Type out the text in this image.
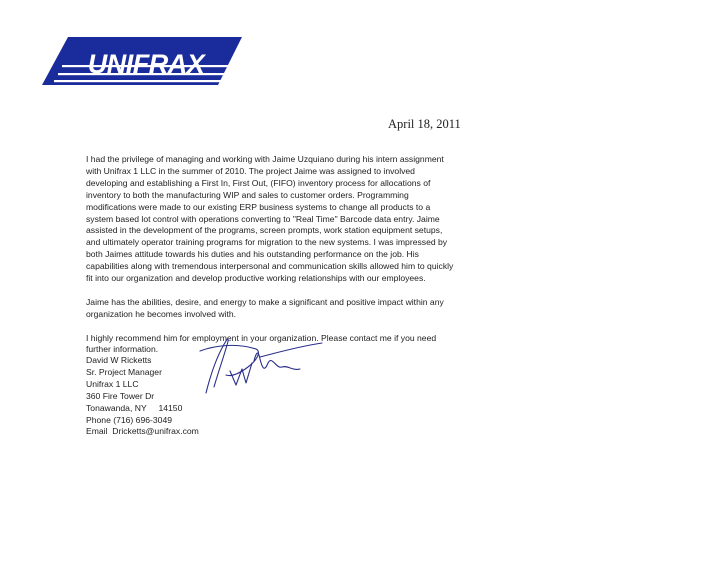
UNIFRAX
April 18, 2011
I had the privilege of managing and working with Jaime Uzquiano during his intern assignment
with Unifrax 1 LLC in the summer of 2010. The project Jaime was assigned to involved
developing and establishing a First In, First Out, (FIFO) inventory process for allocations of
inventory to both the manufacturing WIP and sales to customer orders. Programming
modifications were made to our existing ERP business systems to change all products to a
system based lot control with operations converting to "Real Time" Barcode data entry. Jaime
assisted in the development of the programs, screen prompts, work station equipment setups,
and ultimately operator training programs for migration to the new systems. I was impressed by
both Jaimes attitude towards his duties and his outstanding performance on the job. His
capabilities along with tremendous interpersonal and communication skills allowed him to quickly
fit into our organization and develop productive working relationships with our employees.
Jaime has the abilities, desire, and energy to make a significant and positive impact within any
organization he becomes involved with.
I highly recommend him for employment in your organization. Please contact me if you need
further information.
David W Ricketts
Sr. Project Manager
Unifrax 1 LLC
360 Fire Tower Dr
Tonawanda, NY     14150
Phone (716) 696-3049
Email  Dricketts@unifrax.com
